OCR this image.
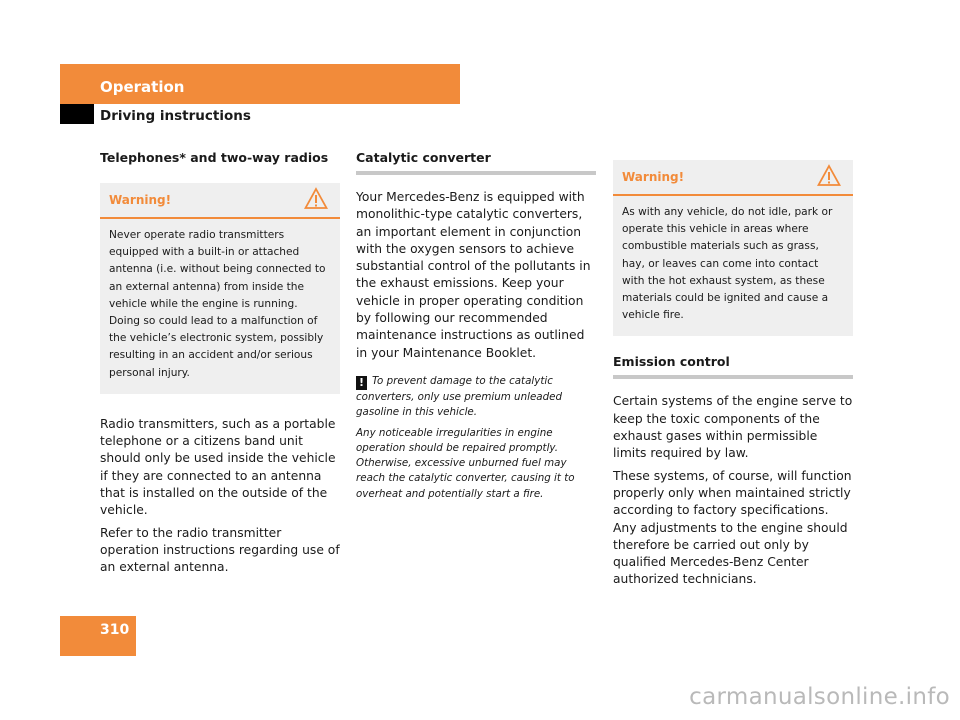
Operation
Driving instructions
Telephones* and two-way radios
Warning!

Never operate radio transmitters equipped with a built-in or attached antenna (i.e. without being connected to an external antenna) from inside the vehicle while the engine is running. Doing so could lead to a malfunction of the vehicle’s electronic system, possibly resulting in an accident and/or serious personal injury.

Radio transmitters, such as a portable telephone or a citizens band unit should only be used inside the vehicle if they are connected to an antenna that is installed on the outside of the vehicle.

Refer to the radio transmitter operation instructions regarding use of an external antenna.

Catalytic converter

Your Mercedes-Benz is equipped with monolithic-type catalytic converters, an important element in conjunction with the oxygen sensors to achieve substantial control of the pollutants in the exhaust emissions. Keep your vehicle in proper operating condition by following our recommended maintenance instructions as outlined in your Maintenance Booklet.

! To prevent damage to the catalytic converters, only use premium unleaded gasoline in this vehicle.

Any noticeable irregularities in engine operation should be repaired promptly. Otherwise, excessive unburned fuel may reach the catalytic converter, causing it to overheat and potentially start a fire.

Warning!

As with any vehicle, do not idle, park or operate this vehicle in areas where combustible materials such as grass, hay, or leaves can come into contact with the hot exhaust system, as these materials could be ignited and cause a vehicle fire.

Emission control

Certain systems of the engine serve to keep the toxic components of the exhaust gases within permissible limits required by law.

These systems, of course, will function properly only when maintained strictly according to factory specifications. Any adjustments to the engine should therefore be carried out only by qualified Mercedes-Benz Center authorized technicians.

310
carmanualsonline.info
